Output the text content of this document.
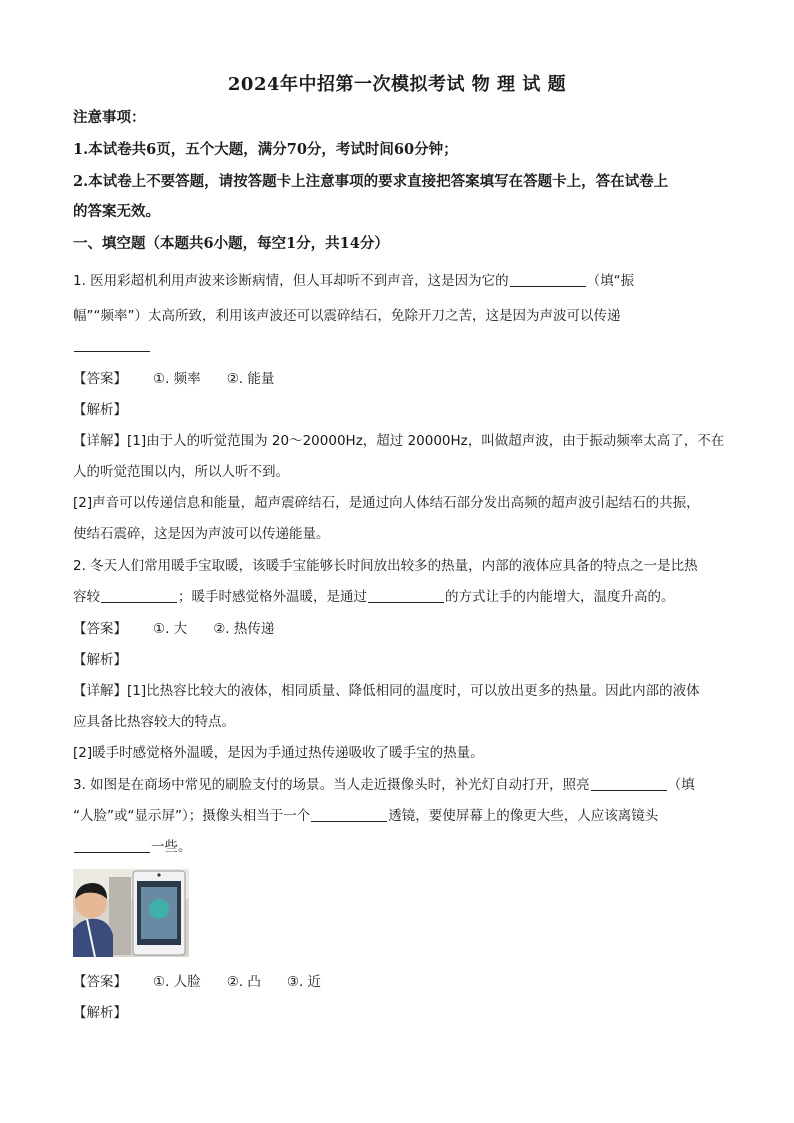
2024年中招第一次模拟考试 物 理 试 题
注意事项：
1.本试卷共6页，五个大题，满分70分，考试时间60分钟；
2.本试卷上不要答题，请按答题卡上注意事项的要求直接把答案填写在答题卡上，答在试卷上
的答案无效。
一、填空题（本题共6小题，每空1分，共14分）
1. 医用彩超机利用声波来诊断病情，但人耳却听不到声音，这是因为它的	（填“振
幅”“频率”）太高所致，利用该声波还可以震碎结石，免除开刀之苦，这是因为声波可以传递
【答案】 ①. 频率 ②. 能量
【解析】
【详解】[1]由于人的听觉范围为 20～20000Hz，超过 20000Hz，叫做超声波，由于振动频率太高了，不在
人的听觉范围以内，所以人听不到。
[2]声音可以传递信息和能量，超声震碎结石，是通过向人体结石部分发出高频的超声波引起结石的共振，
使结石震碎，这是因为声波可以传递能量。
2. 冬天人们常用暖手宝取暖，该暖手宝能够长时间放出较多的热量，内部的液体应具备的特点之一是比热
容较	；暖手时感觉格外温暖，是通过	的方式让手的内能增大，温度升高的。
【答案】 ①. 大 ②. 热传递
【解析】
【详解】[1]比热容比较大的液体，相同质量、降低相同的温度时，可以放出更多的热量。因此内部的液体
应具备比热容较大的特点。
[2]暖手时感觉格外温暖，是因为手通过热传递吸收了暖手宝的热量。
3. 如图是在商场中常见的刷脸支付的场景。当人走近摄像头时，补光灯自动打开，照亮	（填
“人脸”或“显示屏”）；摄像头相当于一个	透镜，要使屏幕上的像更大些，人应该离镜头
一些。
【答案】 ①. 人脸 ②. 凸 ③. 近
【解析】
